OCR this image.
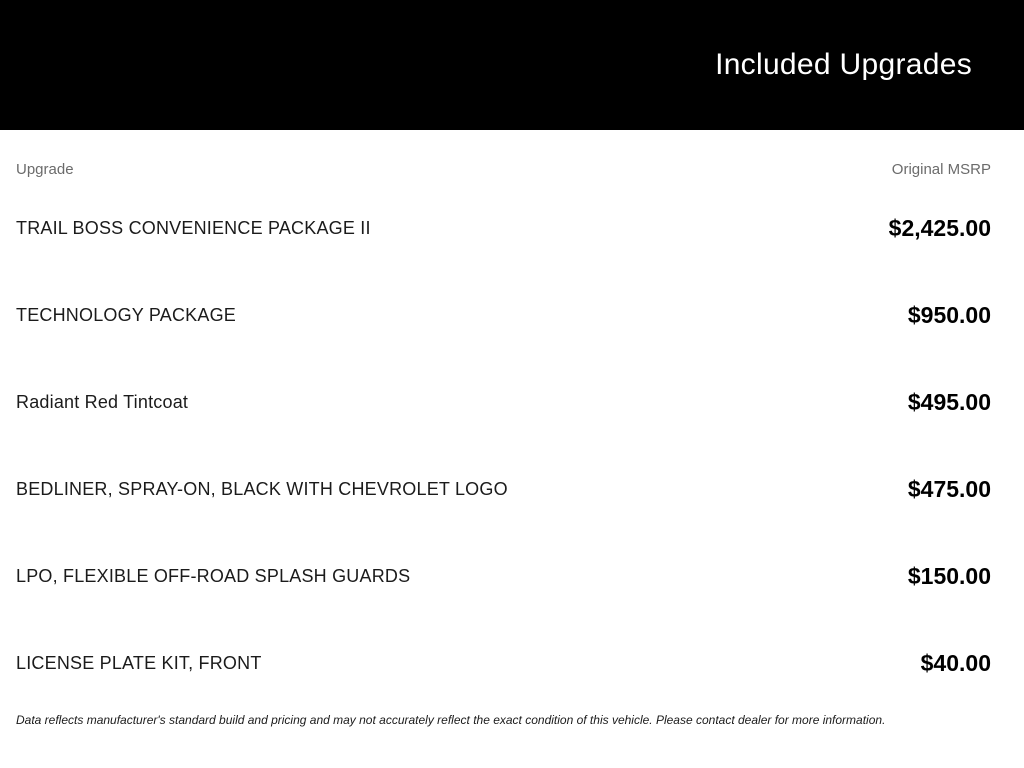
Included Upgrades
Upgrade	Original MSRP
TRAIL BOSS CONVENIENCE PACKAGE II	$2,425.00
TECHNOLOGY PACKAGE	$950.00
Radiant Red Tintcoat	$495.00
BEDLINER, SPRAY-ON, BLACK WITH CHEVROLET LOGO	$475.00
LPO, FLEXIBLE OFF-ROAD SPLASH GUARDS	$150.00
LICENSE PLATE KIT, FRONT	$40.00

Data reflects manufacturer's standard build and pricing and may not accurately reflect the exact condition of this vehicle. Please contact dealer for more information.
